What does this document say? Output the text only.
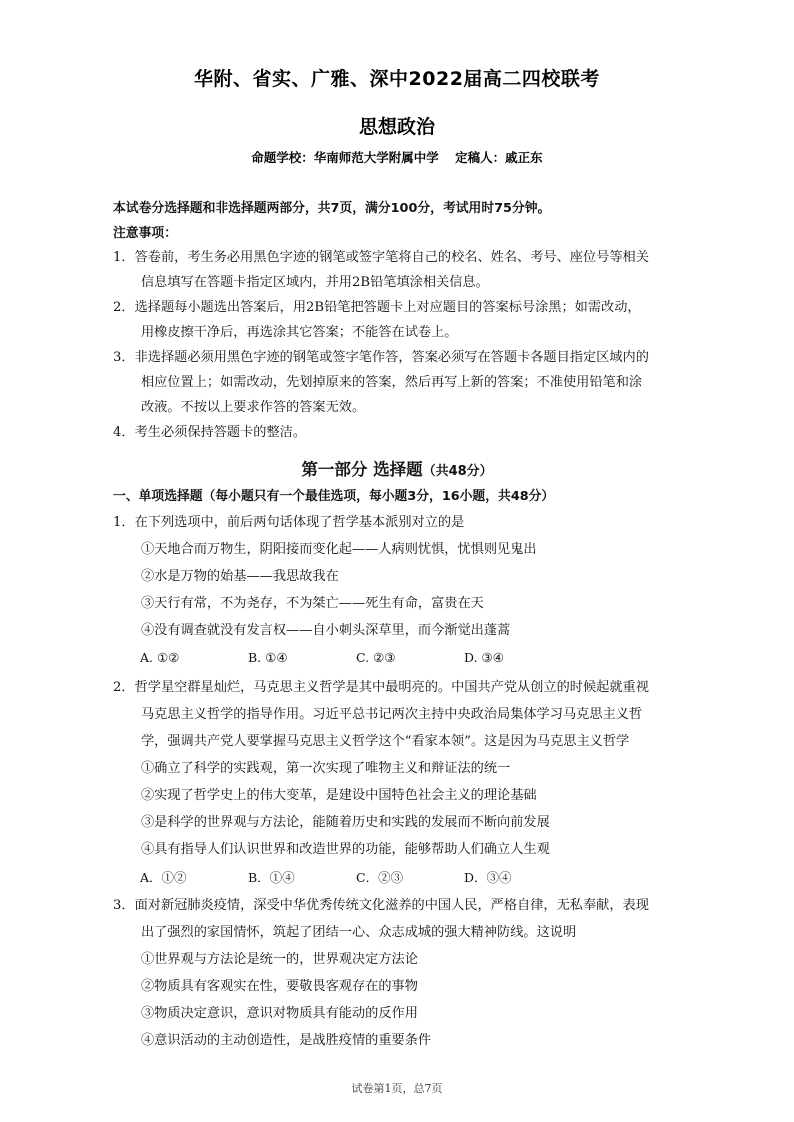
华附、省实、广雅、深中2022届高二四校联考
思想政治
命题学校：华南师范大学附属中学 定稿人：戚正东
本试卷分选择题和非选择题两部分，共7页，满分100分，考试用时75分钟。
注意事项：
1．答卷前，考生务必用黑色字迹的钢笔或签字笔将自己的校名、姓名、考号、座位号等相关
信息填写在答题卡指定区域内，并用2B铅笔填涂相关信息。
2．选择题每小题选出答案后，用2B铅笔把答题卡上对应题目的答案标号涂黑；如需改动，
用橡皮擦干净后，再选涂其它答案；不能答在试卷上。
3．非选择题必须用黑色字迹的钢笔或签字笔作答，答案必须写在答题卡各题目指定区域内的
相应位置上；如需改动，先划掉原来的答案，然后再写上新的答案；不准使用铅笔和涂
改液。不按以上要求作答的答案无效。
4．考生必须保持答题卡的整洁。
第一部分 选择题（共48分）
一、单项选择题（每小题只有一个最佳选项，每小题3分，16小题，共48分）
1．在下列选项中，前后两句话体现了哲学基本派别对立的是
①天地合而万物生，阴阳接而变化起——人病则忧惧，忧惧则见鬼出
②水是万物的始基——我思故我在
③天行有常，不为尧存，不为桀亡——死生有命，富贵在天
④没有调查就没有发言权——自小刺头深草里，而今渐觉出蓬蒿
A. ①②	B. ①④	C. ②③	D. ③④
2．哲学星空群星灿烂，马克思主义哲学是其中最明亮的。中国共产党从创立的时候起就重视
马克思主义哲学的指导作用。习近平总书记两次主持中央政治局集体学习马克思主义哲
学，强调共产党人要掌握马克思主义哲学这个“看家本领”。这是因为马克思主义哲学
①确立了科学的实践观，第一次实现了唯物主义和辩证法的统一
②实现了哲学史上的伟大变革，是建设中国特色社会主义的理论基础
③是科学的世界观与方法论，能随着历史和实践的发展而不断向前发展
④具有指导人们认识世界和改造世界的功能，能够帮助人们确立人生观
A．①②	B．①④	C．②③	D．③④
3．面对新冠肺炎疫情，深受中华优秀传统文化滋养的中国人民，严格自律，无私奉献，表现
出了强烈的家国情怀，筑起了团结一心、众志成城的强大精神防线。这说明
①世界观与方法论是统一的，世界观决定方法论
②物质具有客观实在性，要敬畏客观存在的事物
③物质决定意识，意识对物质具有能动的反作用
④意识活动的主动创造性，是战胜疫情的重要条件
试卷第1页，总7页
